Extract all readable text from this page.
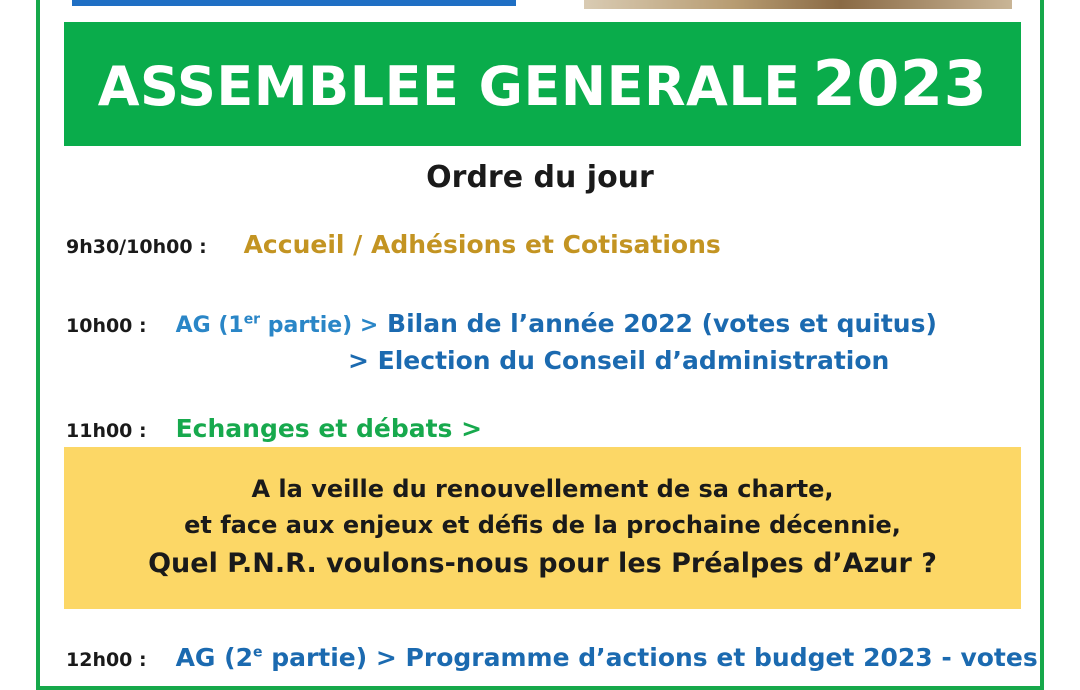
ASSEMBLEE GENERALE 2023
Ordre du jour
9h30/10h00 : Accueil / Adhésions et Cotisations
10h00 : AG (1er partie) > Bilan de l’année 2022 (votes et quitus)
> Election du Conseil d’administration
11h00 : Echanges et débats >
A la veille du renouvellement de sa charte,
et face aux enjeux et défis de la prochaine décennie,
Quel P.N.R. voulons-nous pour les Préalpes d’Azur ?
12h00 : AG (2e partie) > Programme d’actions et budget 2023 - votes
